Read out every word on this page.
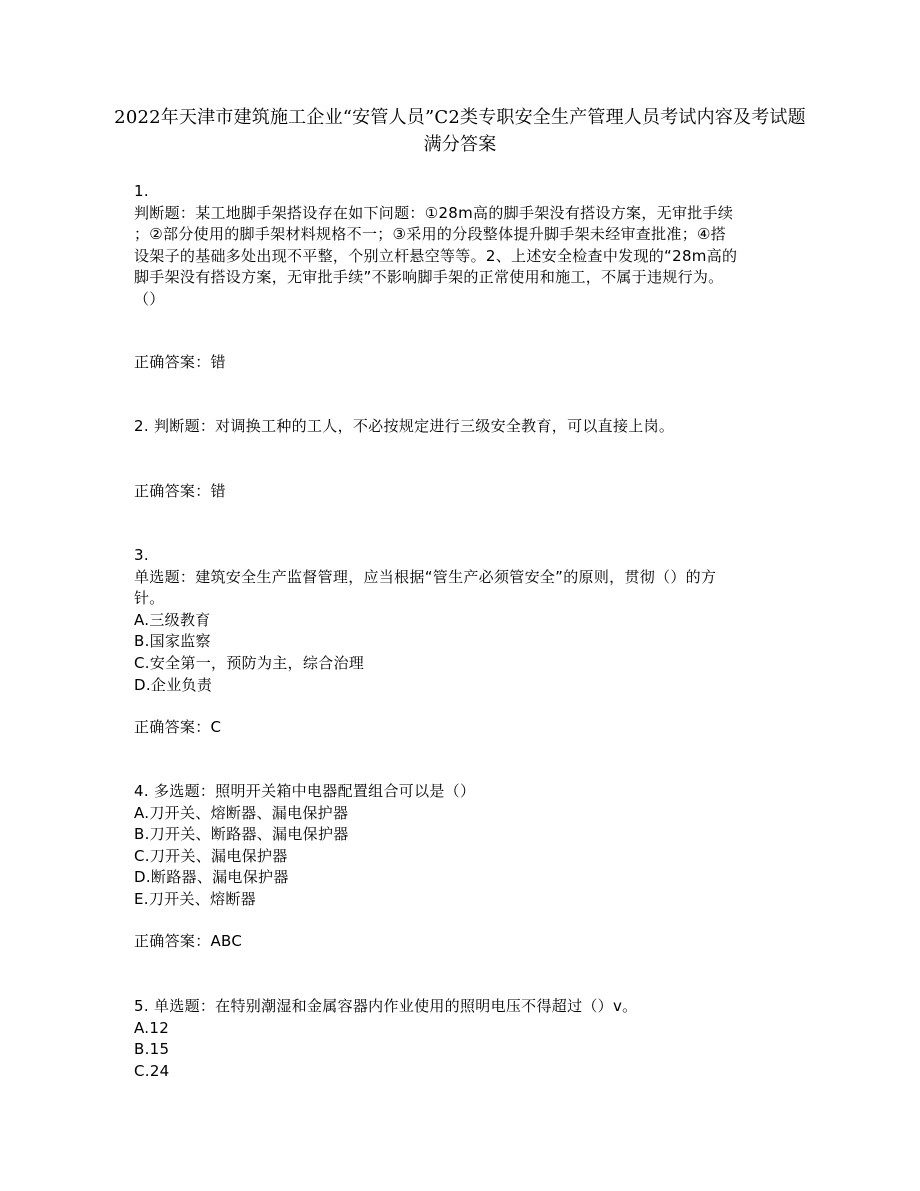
2022年天津市建筑施工企业“安管人员”C2类专职安全生产管理人员考试内容及考试题满分答案
1.
判断题：某工地脚手架搭设存在如下问题：①28m高的脚手架没有搭设方案，无审批手续
；②部分使用的脚手架材料规格不一；③采用的分段整体提升脚手架未经审查批准；④搭
设架子的基础多处出现不平整，个别立杆悬空等等。2、上述安全检查中发现的“28m高的
脚手架没有搭设方案，无审批手续”不影响脚手架的正常使用和施工，不属于违规行为。
（）
正确答案：错
2. 判断题：对调换工种的工人，不必按规定进行三级安全教育，可以直接上岗。
正确答案：错
3.
单选题：建筑安全生产监督管理，应当根据“管生产必须管安全”的原则，贯彻（）的方
针。
A.三级教育
B.国家监察
C.安全第一，预防为主，综合治理
D.企业负责
正确答案：C
4. 多选题：照明开关箱中电器配置组合可以是（）
A.刀开关、熔断器、漏电保护器
B.刀开关、断路器、漏电保护器
C.刀开关、漏电保护器
D.断路器、漏电保护器
E.刀开关、熔断器
正确答案：ABC
5. 单选题：在特别潮湿和金属容器内作业使用的照明电压不得超过（）v。
A.12
B.15
C.24
